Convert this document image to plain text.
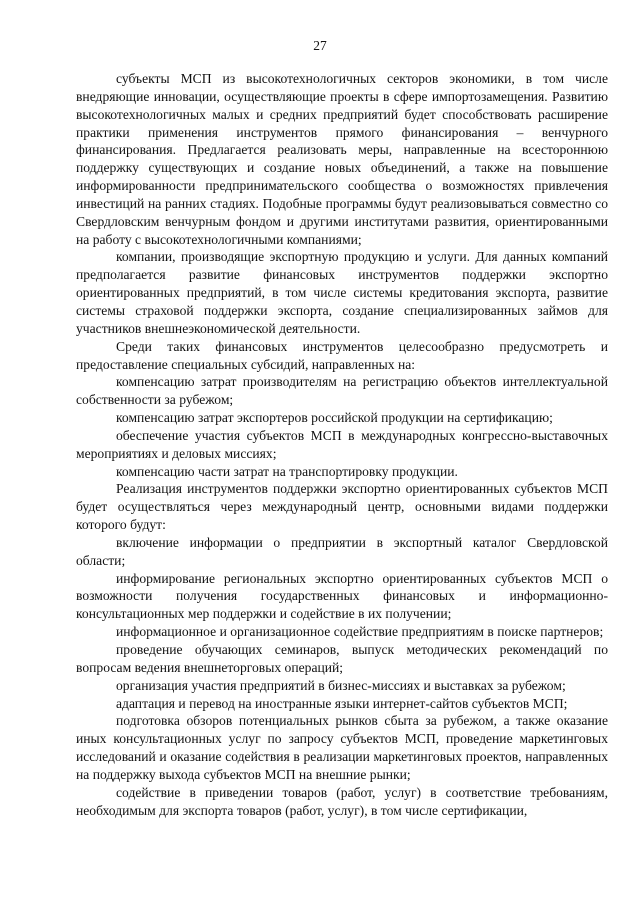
27

субъекты МСП из высокотехнологичных секторов экономики, в том числе внедряющие инновации, осуществляющие проекты в сфере импортозамещения. Развитию высокотехнологичных малых и средних предприятий будет способствовать расширение практики применения инструментов прямого финансирования – венчурного финансирования. Предлагается реализовать меры, направленные на всестороннюю поддержку существующих и создание новых объединений, а также на повышение информированности предпринимательского сообщества о возможностях привлечения инвестиций на ранних стадиях. Подобные программы будут реализовываться совместно со Свердловским венчурным фондом и другими институтами развития, ориентированными на работу с высокотехнологичными компаниями;

компании, производящие экспортную продукцию и услуги. Для данных компаний предполагается развитие финансовых инструментов поддержки экспортно ориентированных предприятий, в том числе системы кредитования экспорта, развитие системы страховой поддержки экспорта, создание специализированных займов для участников внешнеэкономической деятельности.

Среди таких финансовых инструментов целесообразно предусмотреть и предоставление специальных субсидий, направленных на:

компенсацию затрат производителям на регистрацию объектов интеллектуальной собственности за рубежом;

компенсацию затрат экспортеров российской продукции на сертификацию;

обеспечение участия субъектов МСП в международных конгрессно-выставочных мероприятиях и деловых миссиях;

компенсацию части затрат на транспортировку продукции.

Реализация инструментов поддержки экспортно ориентированных субъектов МСП будет осуществляться через международный центр, основными видами поддержки которого будут:

включение информации о предприятии в экспортный каталог Свердловской области;

информирование региональных экспортно ориентированных субъектов МСП о возможности получения государственных финансовых и информационно-консультационных мер поддержки и содействие в их получении;

информационное и организационное содействие предприятиям в поиске партнеров;

проведение обучающих семинаров, выпуск методических рекомендаций по вопросам ведения внешнеторговых операций;

организация участия предприятий в бизнес-миссиях и выставках за рубежом;

адаптация и перевод на иностранные языки интернет-сайтов субъектов МСП;

подготовка обзоров потенциальных рынков сбыта за рубежом, а также оказание иных консультационных услуг по запросу субъектов МСП, проведение маркетинговых исследований и оказание содействия в реализации маркетинговых проектов, направленных на поддержку выхода субъектов МСП на внешние рынки;

содействие в приведении товаров (работ, услуг) в соответствие требованиям, необходимым для экспорта товаров (работ, услуг), в том числе сертификации,
